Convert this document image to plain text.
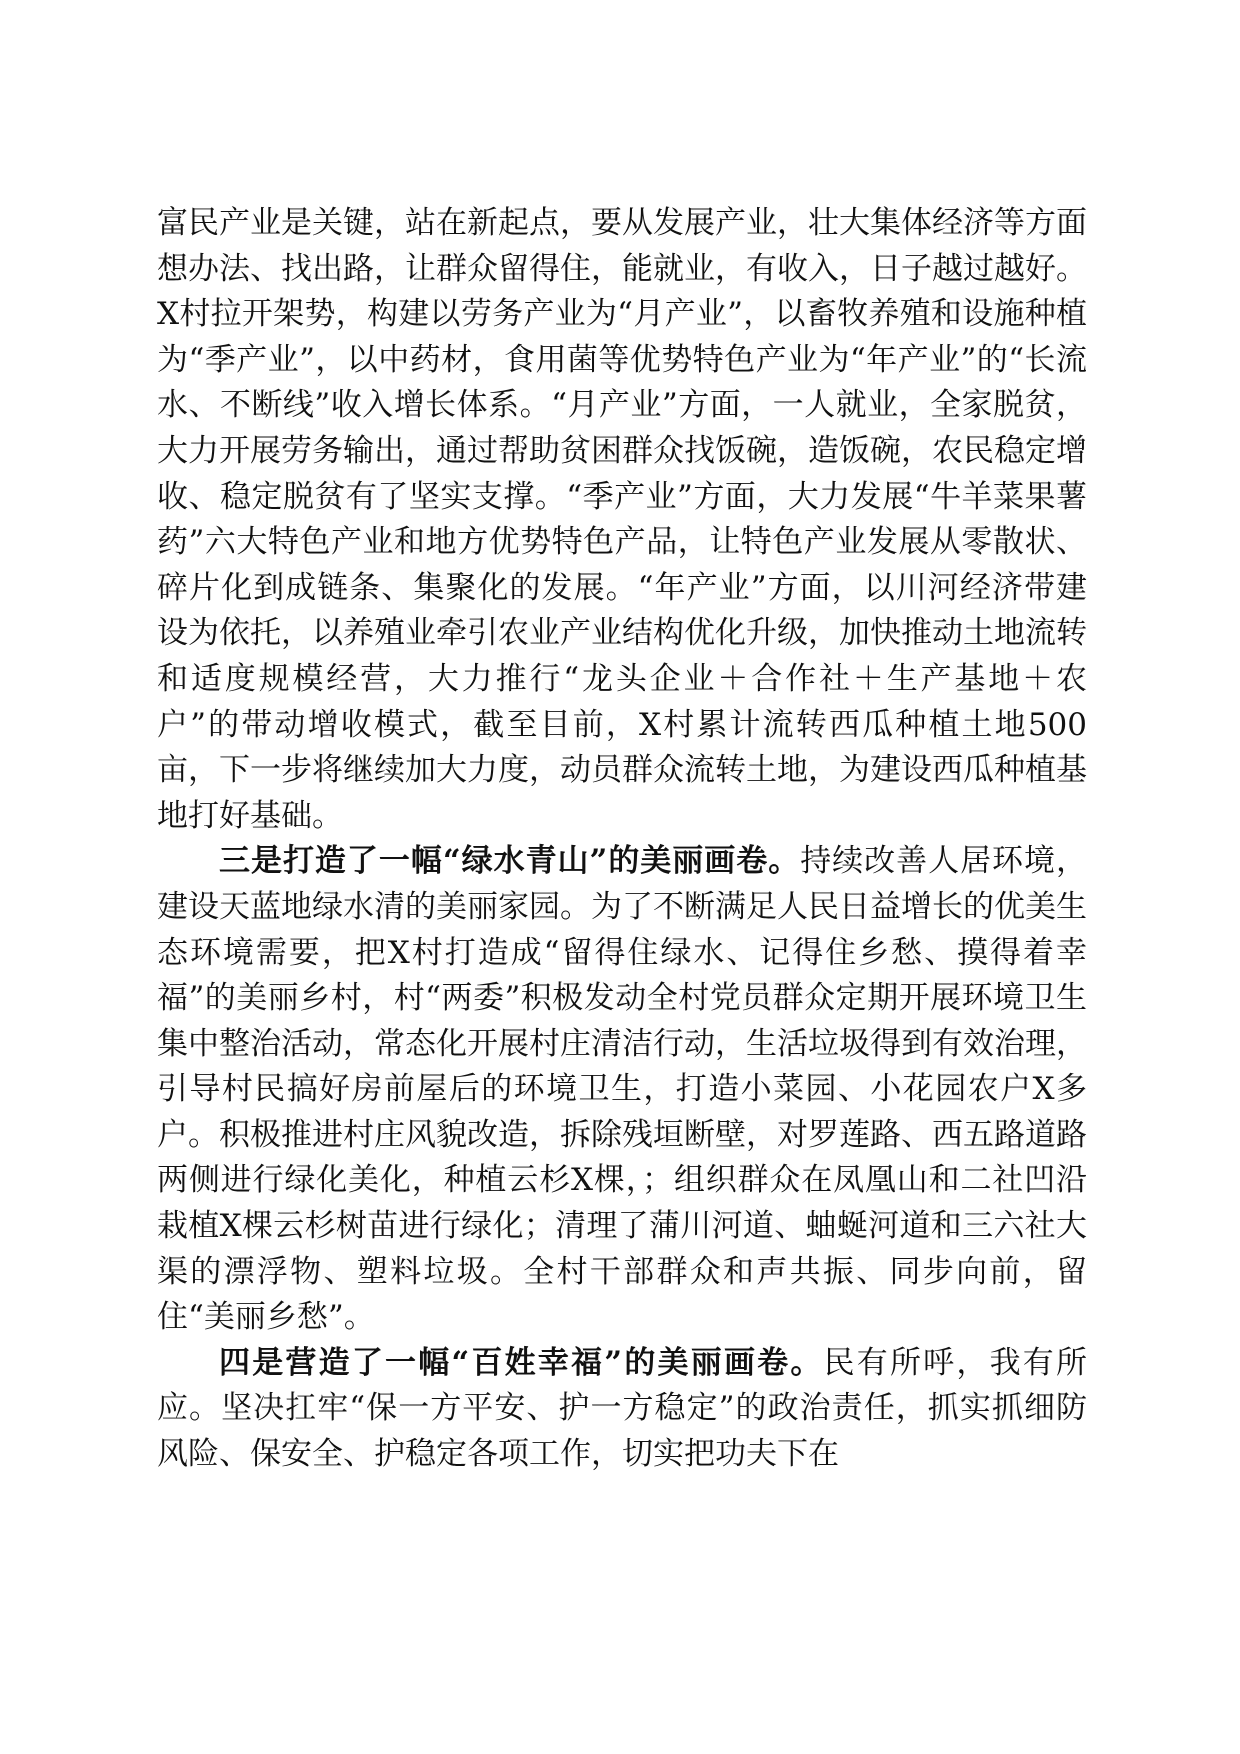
富民产业是关键，站在新起点，要从发展产业，壮大集体经济等方面想办法、找出路，让群众留得住，能就业，有收入，日子越过越好。X村拉开架势，构建以劳务产业为“月产业”，以畜牧养殖和设施种植为“季产业”，以中药材，食用菌等优势特色产业为“年产业”的“长流水、不断线”收入增长体系。“月产业”方面，一人就业，全家脱贫，大力开展劳务输出，通过帮助贫困群众找饭碗，造饭碗，农民稳定增收、稳定脱贫有了坚实支撑。“季产业”方面，大力发展“牛羊菜果薯药”六大特色产业和地方优势特色产品，让特色产业发展从零散状、碎片化到成链条、集聚化的发展。“年产业”方面，以川河经济带建设为依托，以养殖业牵引农业产业结构优化升级，加快推动土地流转和适度规模经营，大力推行“龙头企业＋合作社＋生产基地＋农户”的带动增收模式，截至目前，X村累计流转西瓜种植土地500亩，下一步将继续加大力度，动员群众流转土地，为建设西瓜种植基地打好基础。

三是打造了一幅“绿水青山”的美丽画卷。持续改善人居环境，建设天蓝地绿水清的美丽家园。为了不断满足人民日益增长的优美生态环境需要，把X村打造成“留得住绿水、记得住乡愁、摸得着幸福”的美丽乡村，村“两委”积极发动全村党员群众定期开展环境卫生集中整治活动，常态化开展村庄清洁行动，生活垃圾得到有效治理，引导村民搞好房前屋后的环境卫生，打造小菜园、小花园农户X多户。积极推进村庄风貌改造，拆除残垣断壁，对罗莲路、西五路道路两侧进行绿化美化，种植云杉X棵，；组织群众在凤凰山和二社凹沿栽植X棵云杉树苗进行绿化；清理了蒲川河道、蚰蜒河道和三六社大渠的漂浮物、塑料垃圾。全村干部群众和声共振、同步向前，留住“美丽乡愁”。

四是营造了一幅“百姓幸福”的美丽画卷。民有所呼，我有所应。坚决扛牢“保一方平安、护一方稳定”的政治责任，抓实抓细防风险、保安全、护稳定各项工作，切实把功夫下在
